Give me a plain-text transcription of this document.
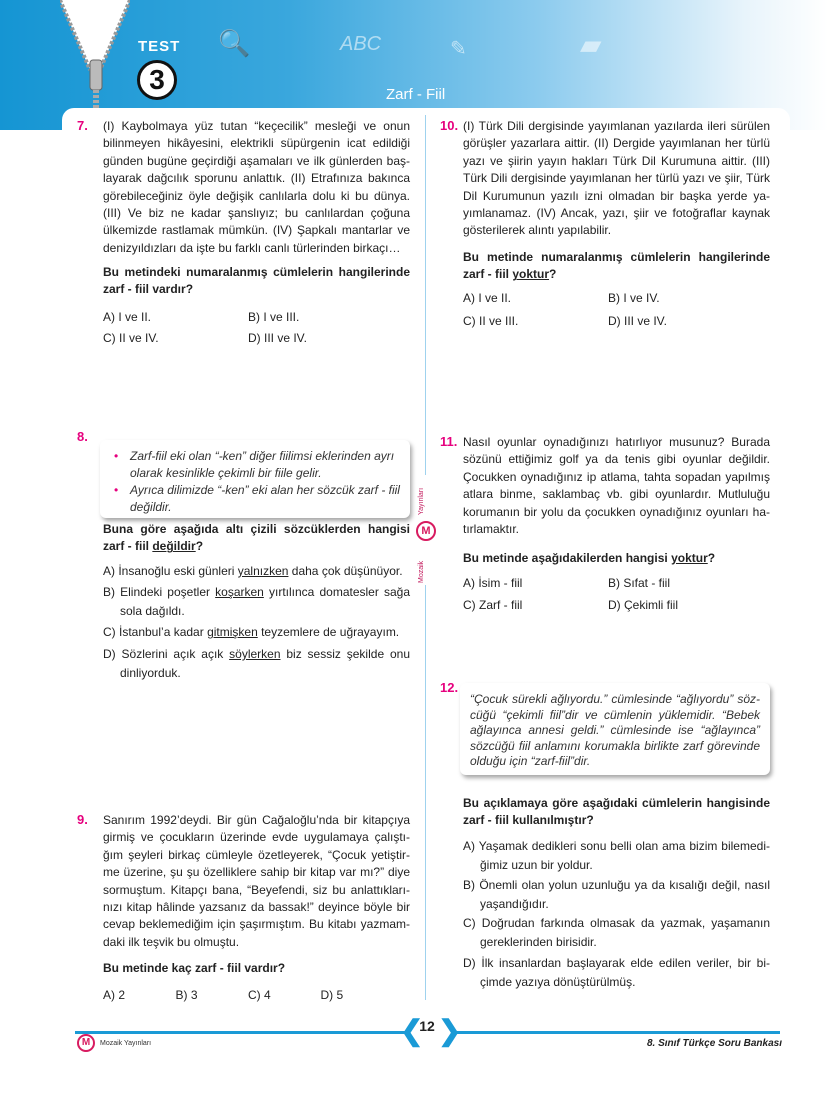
TEST
3
🔍	ABC	✎	▰
Zarf - Fiil
Yayınları
M
Mozaik
7. (I) Kaybolmaya yüz tutan “keçecilik” mesleği ve onun
bilinmeyen hikâyesini, elektrikli süpürgenin icat edildiği
günden bugüne geçirdiği aşamaları ve ilk günlerden baş-
layarak dağcılık sporunu anlattık. (II) Etrafınıza bakınca
görebileceğiniz öyle değişik canlılarla dolu ki bu dünya.
(III) Ve biz ne kadar şanslıyız; bu canlılardan çoğuna
ülkemizde rastlamak mümkün. (IV) Şapkalı mantarlar ve
denizyıldızları da işte bu farklı canlı türlerinden birkaçı…
Bu metindeki numaralanmış cümlelerin hangilerinde
zarf - fiil vardır?
A) I ve II.	B) I ve III.
C) II ve IV.	D) III ve IV.
8.
• Zarf-fiil eki olan “-ken” diğer fiilimsi eklerinden ayrı olarak kesinlikle çekimli bir fiile gelir.
• Ayrıca dilimizde “-ken” eki alan her sözcük zarf - fiil değildir.
Buna göre aşağıda altı çizili sözcüklerden hangisi
zarf - fiil değildir?
A) İnsanoğlu eski günleri yalnızken daha çok düşünüyor.
B) Elindeki poşetler koşarken yırtılınca domatesler sağa
sola dağıldı.
C) İstanbul’a kadar gitmişken teyzemlere de uğrayayım.
D) Sözlerini açık açık söylerken biz sessiz şekilde onu
dinliyorduk.
9. Sanırım 1992’deydi. Bir gün Cağaloğlu’nda bir kitapçıya
girmiş ve çocukların üzerinde evde uygulamaya çalıştı-
ğım şeyleri birkaç cümleyle özetleyerek, “Çocuk yetiştir-
me üzerine, şu şu özelliklere sahip bir kitap var mı?” diye
sormuştum. Kitapçı bana, “Beyefendi, siz bu anlattıkları-
nızı kitap hâlinde yazsanız da bassak!” deyince böyle bir
cevap beklemediğim için şaşırmıştım. Bu kitabı yazmam-
daki ilk teşvik bu olmuştu.
Bu metinde kaç zarf - fiil vardır?
A) 2	B) 3	C) 4	D) 5
10. (I) Türk Dili dergisinde yayımlanan yazılarda ileri sürülen
görüşler yazarlara aittir. (II) Dergide yayımlanan her türlü
yazı ve şiirin yayın hakları Türk Dil Kurumuna aittir. (III)
Türk Dili dergisinde yayımlanan her türlü yazı ve şiir, Türk
Dil Kurumunun yazılı izni olmadan bir başka yerde ya-
yımlanamaz. (IV) Ancak, yazı, şiir ve fotoğraflar kaynak
gösterilerek alıntı yapılabilir.
Bu metinde numaralanmış cümlelerin hangilerinde
zarf - fiil yoktur?
A) I ve II.	B) I ve IV.
C) II ve III.	D) III ve IV.
11. Nasıl oyunlar oynadığınızı hatırlıyor musunuz? Burada
sözünü ettiğimiz golf ya da tenis gibi oyunlar değildir.
Çocukken oynadığınız ip atlama, tahta sopadan yapılmış
atlara binme, saklambaç vb. gibi oyunlardır. Mutluluğu
korumanın bir yolu da çocukken oynadığınız oyunları ha-
tırlamaktır.
Bu metinde aşağıdakilerden hangisi yoktur?
A) İsim - fiil	B) Sıfat - fiil
C) Zarf - fiil	D) Çekimli fiil
12.
“Çocuk sürekli ağlıyordu.” cümlesinde “ağlıyordu” söz-
cüğü “çekimli fiil”dir ve cümlenin yüklemidir. “Bebek
ağlayınca annesi geldi.” cümlesinde ise “ağlayınca”
sözcüğü fiil anlamını korumakla birlikte zarf görevinde
olduğu için “zarf-fiil”dir.
Bu açıklamaya göre aşağıdaki cümlelerin hangisinde
zarf - fiil kullanılmıştır?
A) Yaşamak dedikleri sonu belli olan ama bizim bilemedi-
ğimiz uzun bir yoldur.
B) Önemli olan yolun uzunluğu ya da kısalığı değil, nasıl
yaşandığıdır.
C) Doğrudan farkında olmasak da yazmak, yaşamanın
gereklerinden birisidir.
D) İlk insanlardan başlayarak elde edilen veriler, bir bi-
çimde yazıya dönüştürülmüş.
❮ ❯
12
M	Mozaik Yayınları	8. Sınıf Türkçe Soru Bankası
